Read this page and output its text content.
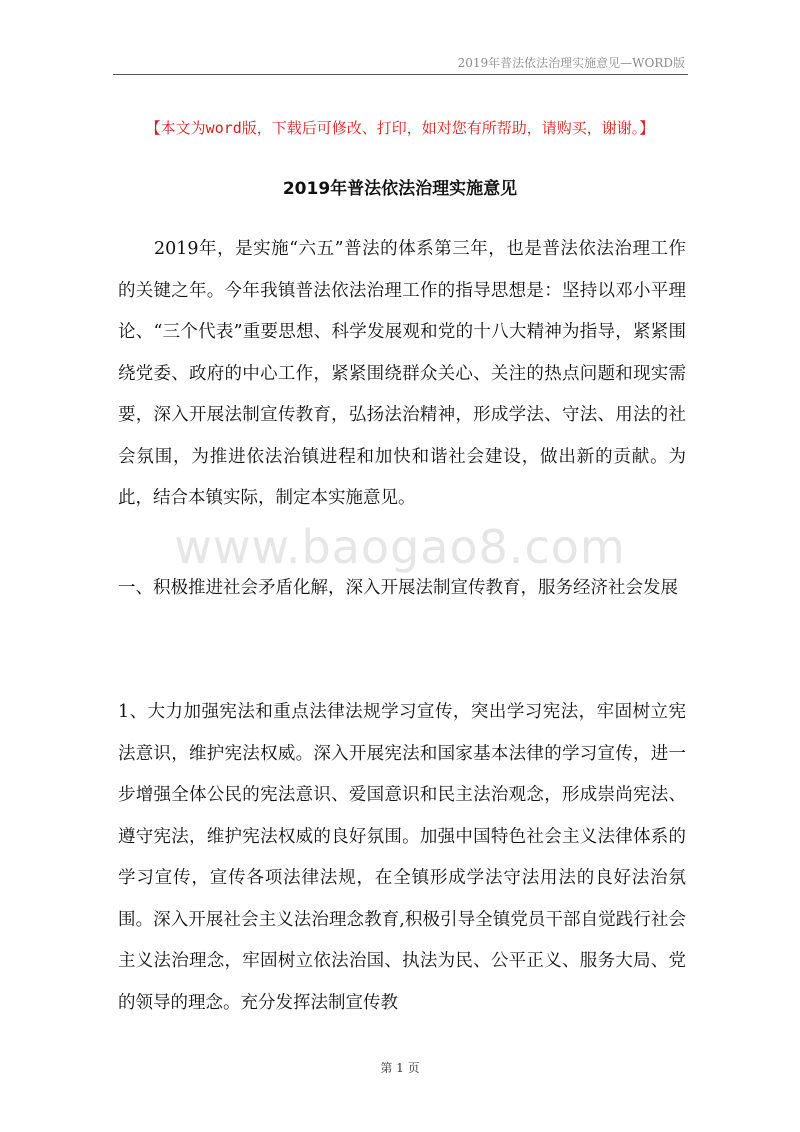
2019年普法依法治理实施意见—WORD版
【本文为word版，下载后可修改、打印，如对您有所帮助，请购买，谢谢。】
2019年普法依法治理实施意见
2019年，是实施“六五”普法的体系第三年，也是普法依法治理工作的关键之年。今年我镇普法依法治理工作的指导思想是：坚持以邓小平理论、“三个代表”重要思想、科学发展观和党的十八大精神为指导，紧紧围绕党委、政府的中心工作，紧紧围绕群众关心、关注的热点问题和现实需要，深入开展法制宣传教育，弘扬法治精神，形成学法、守法、用法的社会氛围，为推进依法治镇进程和加快和谐社会建设，做出新的贡献。为此，结合本镇实际，制定本实施意见。
www.baogao8.com
一、积极推进社会矛盾化解，深入开展法制宣传教育，服务经济社会发展
1、大力加强宪法和重点法律法规学习宣传，突出学习宪法，牢固树立宪法意识，维护宪法权威。深入开展宪法和国家基本法律的学习宣传，进一步增强全体公民的宪法意识、爱国意识和民主法治观念，形成崇尚宪法、遵守宪法，维护宪法权威的良好氛围。加强中国特色社会主义法律体系的学习宣传，宣传各项法律法规，在全镇形成学法守法用法的良好法治氛围。深入开展社会主义法治理念教育,积极引导全镇党员干部自觉践行社会主义法治理念，牢固树立依法治国、执法为民、公平正义、服务大局、党的领导的理念。充分发挥法制宣传教
第 1 页
